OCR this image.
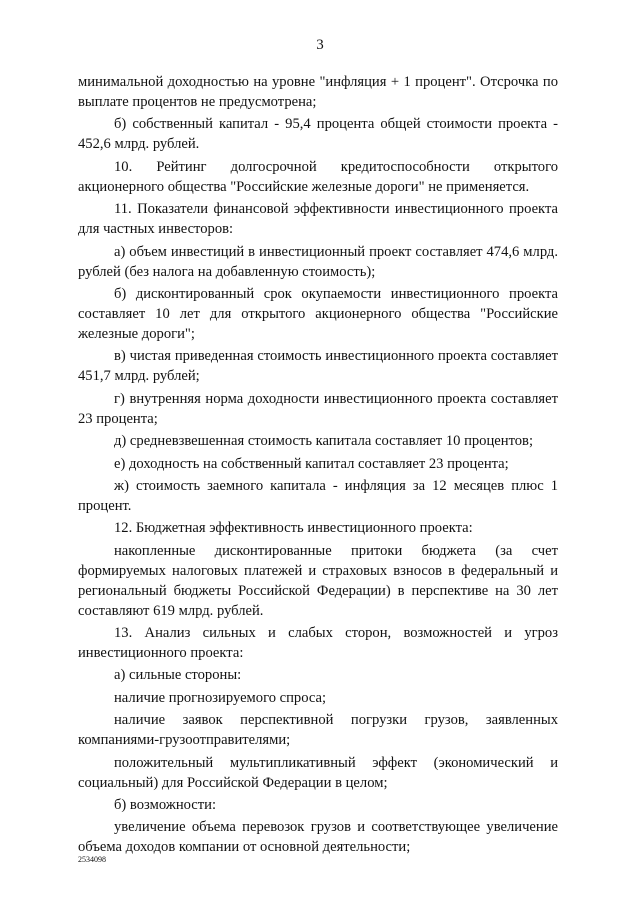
3

минимальной доходностью на уровне "инфляция + 1 процент". Отсрочка по выплате процентов не предусмотрена;

б) собственный капитал - 95,4 процента общей стоимости проекта - 452,6 млрд. рублей.

10. Рейтинг долгосрочной кредитоспособности открытого акционерного общества "Российские железные дороги" не применяется.

11. Показатели финансовой эффективности инвестиционного проекта для частных инвесторов:

а) объем инвестиций в инвестиционный проект составляет 474,6 млрд. рублей (без налога на добавленную стоимость);

б) дисконтированный срок окупаемости инвестиционного проекта составляет 10 лет для открытого акционерного общества "Российские железные дороги";

в) чистая приведенная стоимость инвестиционного проекта составляет 451,7 млрд. рублей;

г) внутренняя норма доходности инвестиционного проекта составляет 23 процента;

д) средневзвешенная стоимость капитала составляет 10 процентов;

е) доходность на собственный капитал составляет 23 процента;

ж) стоимость заемного капитала - инфляция за 12 месяцев плюс 1 процент.

12. Бюджетная эффективность инвестиционного проекта:

накопленные дисконтированные притоки бюджета (за счет формируемых налоговых платежей и страховых взносов в федеральный и региональный бюджеты Российской Федерации) в перспективе на 30 лет составляют 619 млрд. рублей.

13. Анализ сильных и слабых сторон, возможностей и угроз инвестиционного проекта:

а) сильные стороны:

наличие прогнозируемого спроса;

наличие заявок перспективной погрузки грузов, заявленных компаниями-грузоотправителями;

положительный мультипликативный эффект (экономический и социальный) для Российской Федерации в целом;

б) возможности:

увеличение объема перевозок грузов и соответствующее увеличение объема доходов компании от основной деятельности;

2534098
